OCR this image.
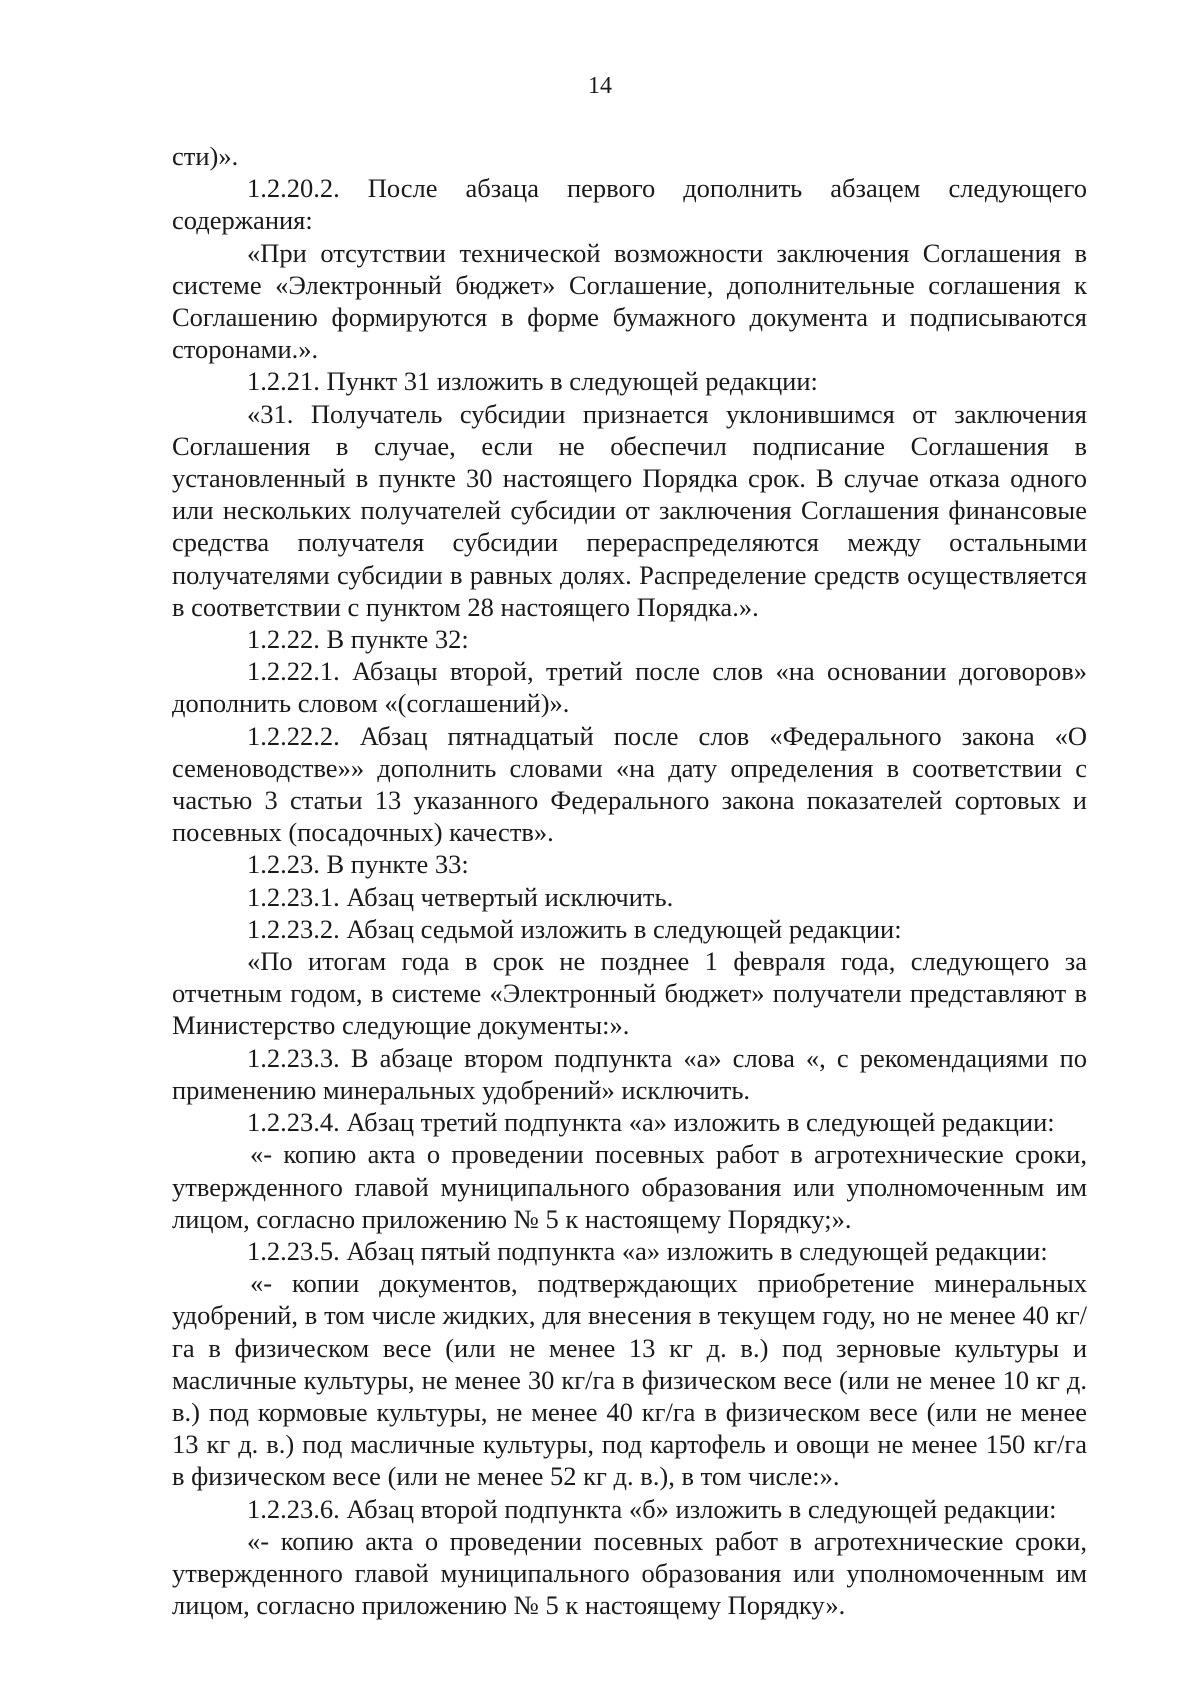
14

сти)».

1.2.20.2. После абзаца первого дополнить абзацем следующего содержания:

«При отсутствии технической возможности заключения Соглашения в системе «Электронный бюджет» Соглашение, дополнительные соглашения к Соглашению формируются в форме бумажного документа и подписываются сторонами.».

1.2.21. Пункт 31 изложить в следующей редакции:

«31. Получатель субсидии признается уклонившимся от заключения Соглашения в случае, если не обеспечил подписание Соглашения в установленный в пункте 30 настоящего Порядка срок. В случае отказа одного или нескольких получателей субсидии от заключения Соглашения финансовые средства получателя субсидии перераспределяются между остальными получателями субсидии в равных долях. Распределение средств осуществляется в соответствии с пунктом 28 настоящего Порядка.».

1.2.22. В пункте 32:

1.2.22.1. Абзацы второй, третий после слов «на основании договоров» дополнить словом «(соглашений)».

1.2.22.2. Абзац пятнадцатый после слов «Федерального закона «О семеноводстве»» дополнить словами «на дату определения в соответствии с частью 3 статьи 13 указанного Федерального закона показателей сортовых и посевных (посадочных) качеств».

1.2.23. В пункте 33:

1.2.23.1. Абзац четвертый исключить.

1.2.23.2. Абзац седьмой изложить в следующей редакции:

«По итогам года в срок не позднее 1 февраля года, следующего за отчетным годом, в системе «Электронный бюджет» получатели представляют в Министерство следующие документы:».

1.2.23.3. В абзаце втором подпункта «а» слова «, с рекомендациями по применению минеральных удобрений» исключить.

1.2.23.4. Абзац третий подпункта «а» изложить в следующей редакции:

«- копию акта о проведении посевных работ в агротехнические сроки, утвержденного главой муниципального образования или уполномоченным им лицом, согласно приложению № 5 к настоящему Порядку;».

1.2.23.5. Абзац пятый подпункта «а» изложить в следующей редакции:

«- копии документов, подтверждающих приобретение минеральных удобрений, в том числе жидких, для внесения в текущем году, но не менее 40 кг/га в физическом весе (или не менее 13 кг д. в.) под зерновые культуры и масличные культуры, не менее 30 кг/га в физическом весе (или не менее 10 кг д. в.) под кормовые культуры, не менее 40 кг/га в физическом весе (или не менее 13 кг д. в.) под масличные культуры, под картофель и овощи не менее 150 кг/га в физическом весе (или не менее 52 кг д. в.), в том числе:».

1.2.23.6. Абзац второй подпункта «б» изложить в следующей редакции:

«- копию акта о проведении посевных работ в агротехнические сроки, утвержденного главой муниципального образования или уполномоченным им лицом, согласно приложению № 5 к настоящему Порядку».
